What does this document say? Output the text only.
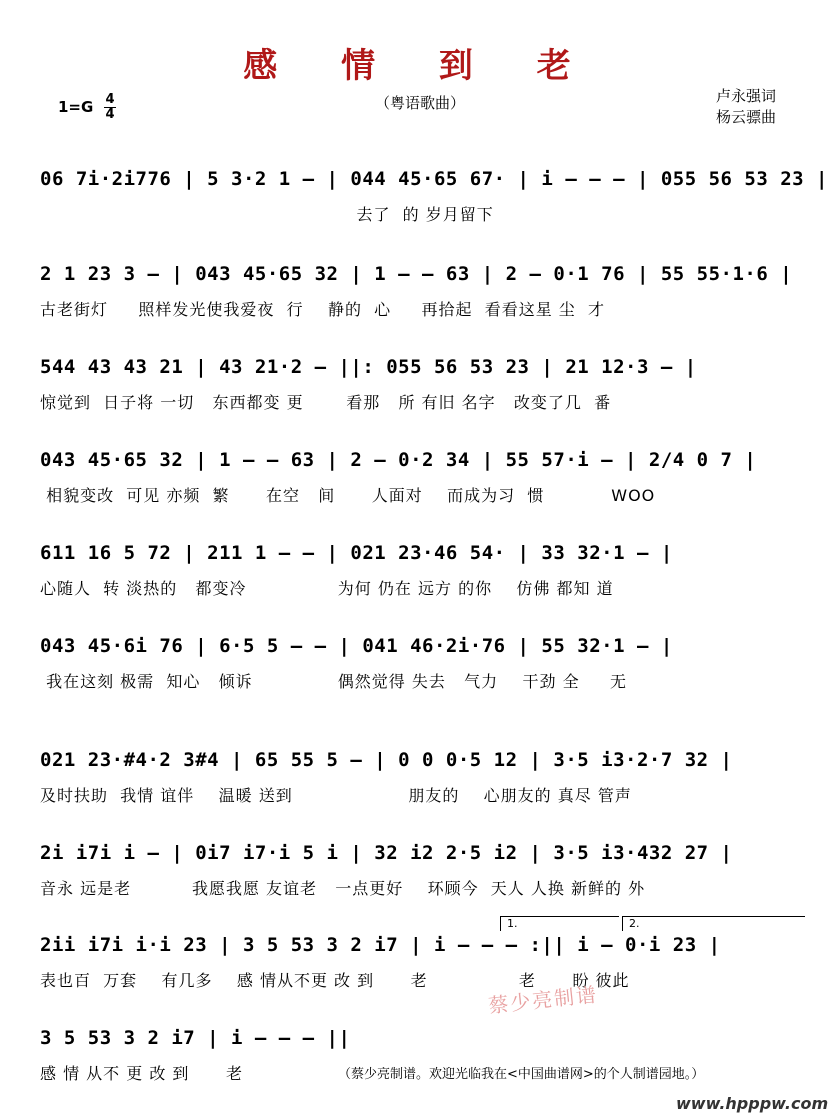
感 情 到 老
（粤语歌曲）
1=G 4
4
卢永强词
杨云骠曲
06 7i·2i776 | 5 3·2 1 – | 044 45·65 67· | i – – – | 055 56 53 23 |
去了  的 岁月留下
2 1 23 3 – | 043 45·65 32 | 1 – – 63 | 2 – 0·1 76 | 55 55·1·6 |
古老街灯     照样发光使我爱夜  行    静的  心     再拾起  看看这星 尘  才
544 43 43 21 | 43 21·2 – ||: 055 56 53 23 | 21 12·3 – |
惊觉到  日子将 一切   东西都变 更       看那   所 有旧 名字   改变了几  番
043 45·65 32 | 1 – – 63 | 2 – 0·2 34 | 55 57·i – | 2/4 0 7 |
相貌变改  可见 亦频  繁      在空   间      人面对    而成为习  惯           WOO
611 16 5 72 | 211 1 – – | 021 23·46 54· | 33 32·1 – |
心随人  转 淡热的   都变冷               为何 仍在 远方 的你    仿佛 都知 道
043 45·6i 76 | 6·5 5 – – | 041 46·2i·76 | 55 32·1 – |
我在这刻 极需  知心   倾诉              偶然觉得 失去   气力    干劲 全     无
021 23·#4·2 3#4 | 65 55 5 – | 0 0 0·5 12 | 3·5 i3·2·7 32 |
及时扶助  我情 谊伴    温暖 送到                   朋友的    心朋友的 真尽 管声
2i i7i i – | 0i7 i7·i 5 i | 32 i2 2·5 i2 | 3·5 i3·432 27 |
音永 远是老          我愿我愿 友谊老   一点更好    环顾今  天人 人换 新鲜的 外
1.	2.
2ii i7i i·i 23 | 3 5 53 3 2 i7 | i – – – :|| i – 0·i 23 |
表也百  万套    有几多    感 情从不更 改 到      老               老      盼 彼此
3 5 53 3 2 i7 | i – – – ||
感 情 从不 更 改 到      老
蔡少亮制谱
（蔡少亮制谱。欢迎光临我在<中国曲谱网>的个人制谱园地。）
www.hpppw.com
